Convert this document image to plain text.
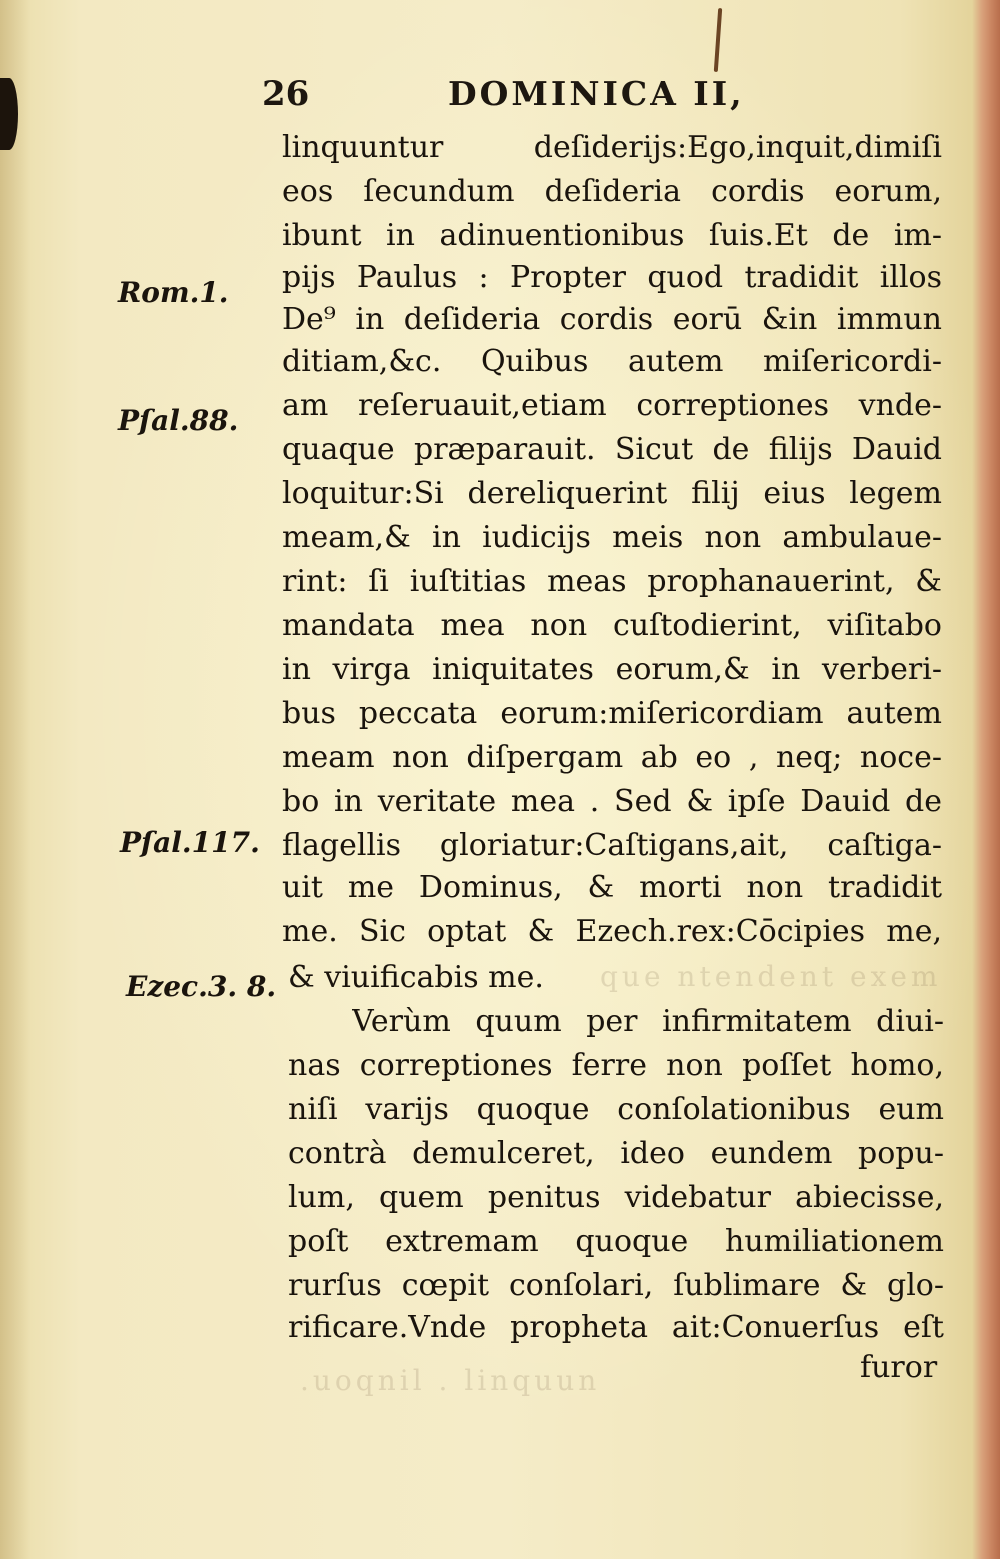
26	DOMINICA II,
Rom.1.
Pſal.88.
Pſal.117.
Ezec.3. 8.	que ntendent exem
.uoqnil . linquun
linquuntur deſiderijs:Ego,inquit,dimiſi
eos ſecundum deſideria cordis eorum,
ibunt in adinuentionibus ſuis.Et de im-
pijs Paulus : Propter quod tradidit illos
De⁹ in deſideria cordis eorū &in immun
ditiam,&c. Quibus autem miſericordi-
am reſeruauit,etiam correptiones vnde-
quaque præparauit. Sicut de filijs Dauid
loquitur:Si dereliquerint filij eius legem
meam,& in iudicijs meis non ambulaue-
rint: ſi iuſtitias meas prophanauerint, &
mandata mea non cuſtodierint, viſitabo
in virga iniquitates eorum,& in verberi-
bus peccata eorum:miſericordiam autem
meam non diſpergam ab eo , neq; noce-
bo in veritate mea . Sed & ipſe Dauid de
flagellis gloriatur:Caſtigans,ait, caſtiga-
uit me Dominus, & morti non tradidit
me. Sic optat & Ezech.rex:Cōcipies me,
& viuificabis me.
Verùm quum per infirmitatem diui-
nas correptiones ferre non poſſet homo,
niſi varijs quoque conſolationibus eum
contrà demulceret, ideo eundem popu-
lum, quem penitus videbatur abiecisse,
poſt extremam quoque humiliationem
rurſus cœpit conſolari, ſublimare & glo-
rificare.Vnde propheta ait:Conuerſus eſt
furor
